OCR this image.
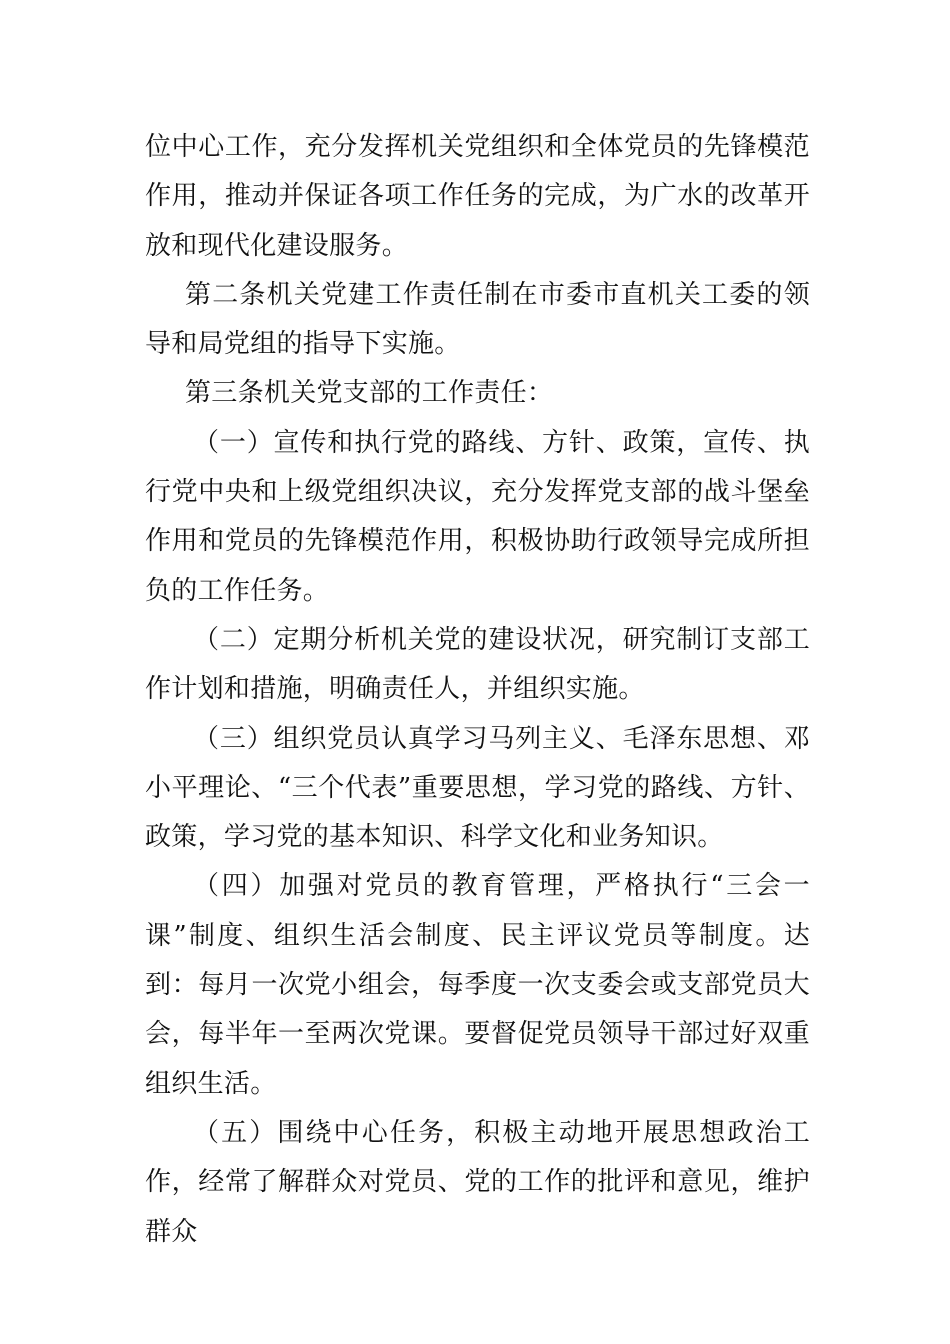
位中心工作，充分发挥机关党组织和全体党员的先锋模范作用，推动并保证各项工作任务的完成，为广水的改革开放和现代化建设服务。

第二条机关党建工作责任制在市委市直机关工委的领导和局党组的指导下实施。

第三条机关党支部的工作责任：

（一）宣传和执行党的路线、方针、政策，宣传、执行党中央和上级党组织决议，充分发挥党支部的战斗堡垒作用和党员的先锋模范作用，积极协助行政领导完成所担负的工作任务。

（二）定期分析机关党的建设状况，研究制订支部工作计划和措施，明确责任人，并组织实施。

（三）组织党员认真学习马列主义、毛泽东思想、邓小平理论、“三个代表”重要思想，学习党的路线、方针、政策，学习党的基本知识、科学文化和业务知识。

（四）加强对党员的教育管理，严格执行“三会一课”制度、组织生活会制度、民主评议党员等制度。达到：每月一次党小组会，每季度一次支委会或支部党员大会，每半年一至两次党课。要督促党员领导干部过好双重组织生活。

（五）围绕中心任务，积极主动地开展思想政治工作，经常了解群众对党员、党的工作的批评和意见，维护群众
